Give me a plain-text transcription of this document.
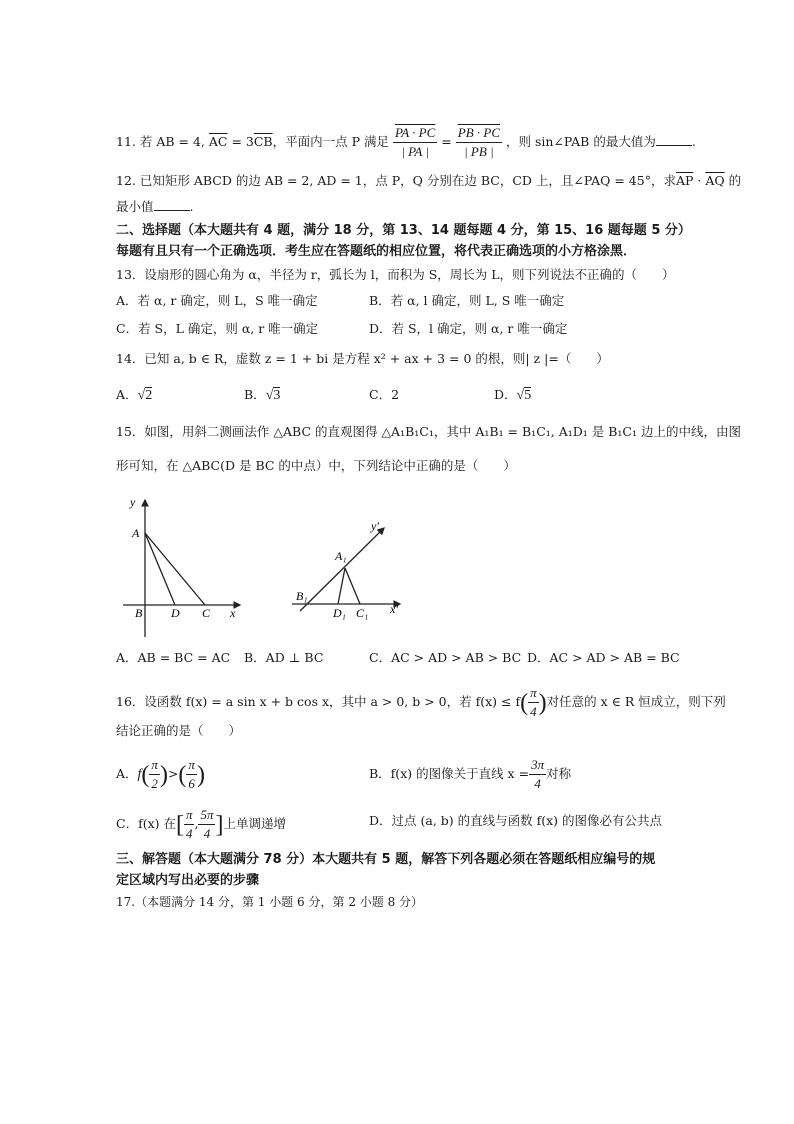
11. 若 AB = 4, $\overline{AC} = 3\overline{CB}$，平面内一点 P 满足 $\frac{PA \cdot PC}{| PA |} = \frac{PB \cdot PC}{| PB |}$ ，则 sin∠PAB 的最大值为	.
12. 已知矩形 ABCD 的边 AB = 2, AD = 1，点 P，Q 分别在边 BC，CD 上，且∠PAQ = 45°，求$\overline{AP} \cdot \overline{AQ}$ 的
最小值	.
二、选择题（本大题共有 4 题，满分 18 分，第 13、14 题每题 4 分，第 15、16 题每题 5 分）
每题有且只有一个正确选项．考生应在答题纸的相应位置，将代表正确选项的小方格涂黑．
13．设扇形的圆心角为 α，半径为 r，弧长为 l，而积为 S，周长为 L，则下列说法不正确的（　　）
A．若 α, r 确定，则 L，S 唯一确定	B．若 α, l 确定，则 L, S 唯一确定
C．若 S，L 确定，则 α, r 唯一确定	D．若 S，l 确定，则 α, r 唯一确定
14．已知 a, b ∈ R，虚数 z = 1 + bi 是方程 x² + ax + 3 = 0 的根，则| z |=（　　）
A．√2	B．√3	C．2	D．√5
15．如图，用斜二测画法作 △ABC 的直观图得 △A₁B₁C₁，其中 A₁B₁ = B₁C₁, A₁D₁ 是 B₁C₁ 边上的中线，由图
形可知，在 △ABC(D 是 BC 的中点）中，下列结论中正确的是（　　）
y
A
B D C x
y′
A₁
B₁
D₁ C₁ x′
A．AB = BC = AC B．AD ⊥ BC	C．AC > AD > AB > BC D．AC > AD > AB = BC
16．设函数 f(x) = a sin x + b cos x，其中 a > 0, b > 0，若 $f(x) \le f( \frac{\pi}{4}$ )对任意的 x ∈ R 恒成立，则下列
结论正确的是（　　）
A．$f( \frac{\pi}{2}$ )>( $\frac{\pi}{6}$ )	B．f(x) 的图像关于直线 $x = \frac{3\pi}{4}$ 对称
C．f(x) 在[ $\frac{\pi}{4}$ , $\frac{5\pi}{4}$ ]上单调递增	D．过点 (a, b) 的直线与函数 f(x) 的图像必有公共点
三、解答题（本大题满分 78 分）本大题共有 5 题，解答下列各题必须在答题纸相应编号的规
定区域内写出必要的步骤
17.（本题满分 14 分，第 1 小题 6 分，第 2 小题 8 分）
